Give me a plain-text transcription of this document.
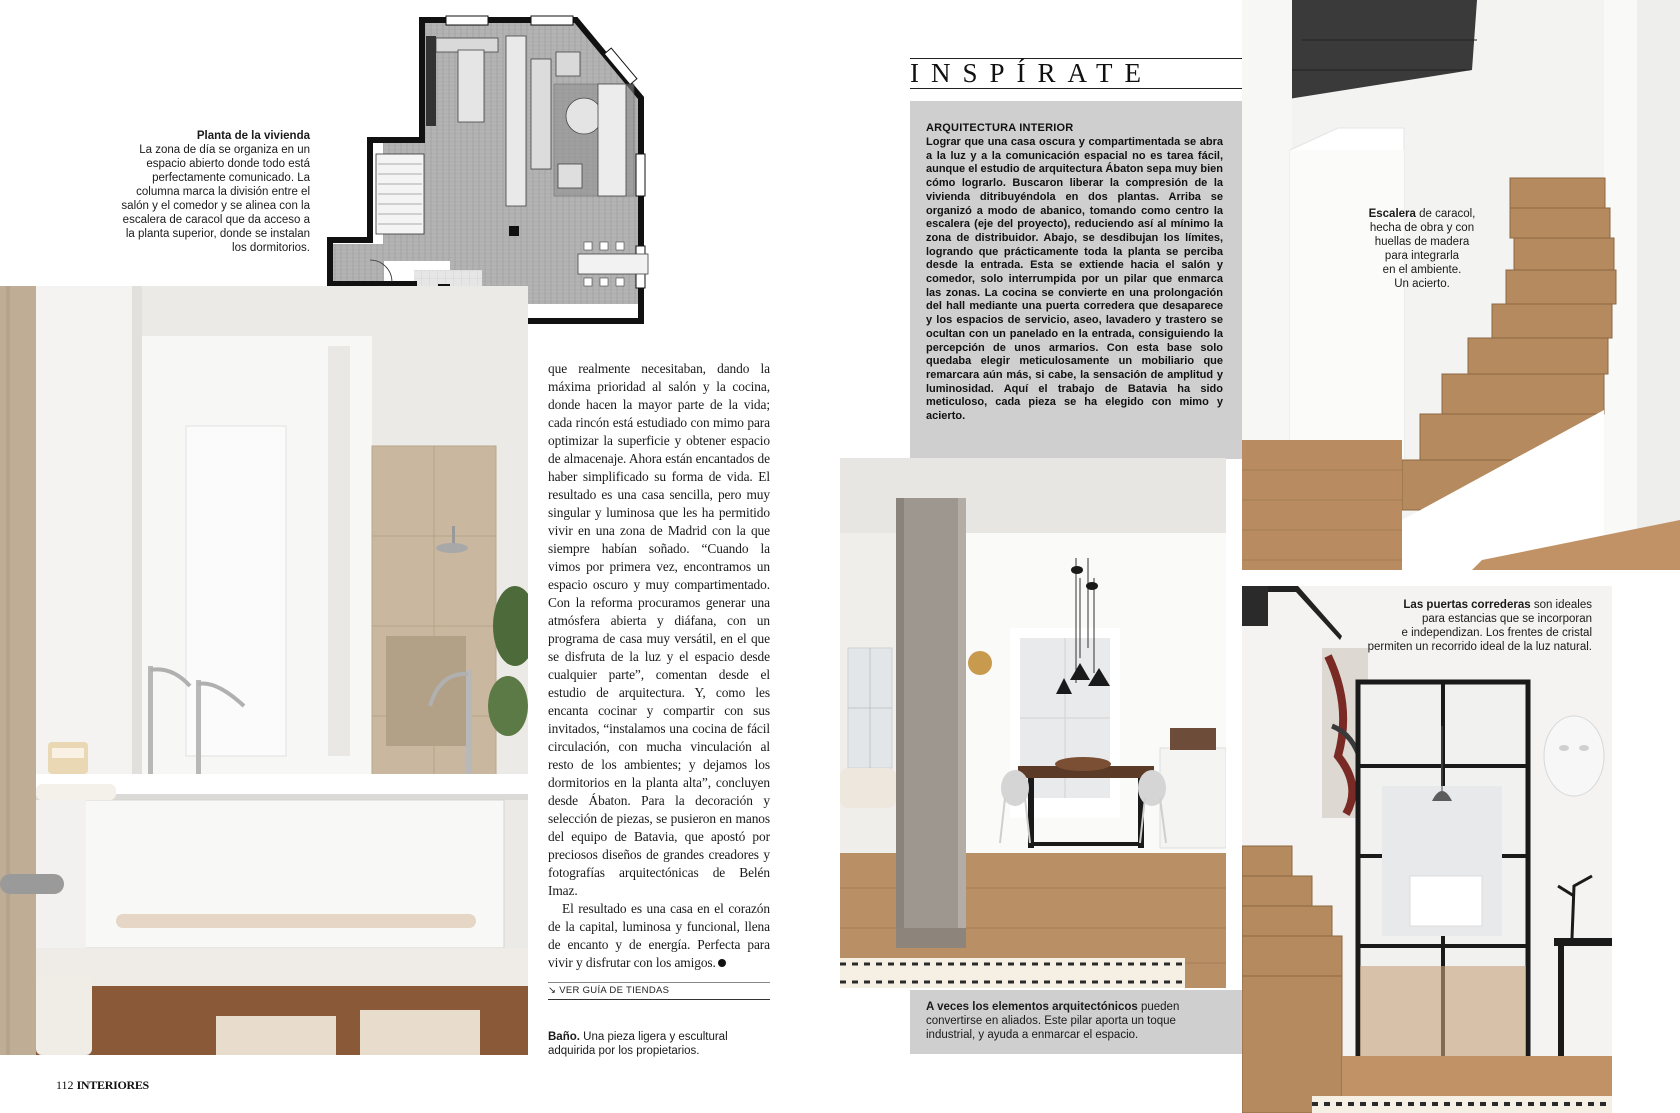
Planta de la vivienda
La zona de día se organiza en un espacio abierto donde todo está perfectamente comunicado. La columna marca la división entre el salón y el comedor y se alinea con la escalera de caracol que da acceso a la planta superior, donde se instalan los dormitorios.

que realmente necesitaban, dando la máxima prioridad al salón y la cocina, donde hacen la mayor parte de la vida; cada rincón está estudiado con mimo para optimizar la superficie y obtener espacio de almacenaje. Ahora están encantados de haber simplificado su forma de vida. El resultado es una casa sencilla, pero muy singular y luminosa que les ha permitido vivir en una zona de Madrid con la que siempre habían soñado. “Cuando la vimos por primera vez, encontramos un espacio oscuro y muy compartimentado. Con la reforma procuramos generar una atmósfera abierta y diáfana, con un programa de casa muy versátil, en el que se disfruta de la luz y el espacio desde cualquier parte”, comentan desde el estudio de arquitectura. Y, como les encanta cocinar y compartir con sus invitados, “instalamos una cocina de fácil circulación, con mucha vinculación al resto de los ambientes; y dejamos los dormitorios en la planta alta”, concluyen desde Ábaton. Para la decoración y selección de piezas, se pusieron en manos del equipo de Batavia, que apostó por preciosos diseños de grandes creadores y fotografías arquitectónicas de Belén Imaz.

El resultado es una casa en el corazón de la capital, luminosa y funcional, llena de encanto y de energía. Perfecta para vivir y disfrutar con los amigos.

↘ VER GUÍA DE TIENDAS
Baño. Una pieza ligera y escultural adquirida por los propietarios.
112 INTERIORES
INSPÍRATE
ARQUITECTURA INTERIOR
Lograr que una casa oscura y compartimentada se abra a la luz y a la comunicación espacial no es tarea fácil, aunque el estudio de arquitectura Ábaton sepa muy bien cómo lograrlo. Buscaron liberar la compresión de la vivienda ditribuyéndola en dos plantas. Arriba se organizó a modo de abanico, tomando como centro la escalera (eje del proyecto), reduciendo así al mínimo la zona de distribuidor. Abajo, se desdibujan los límites, logrando que prácticamente toda la planta se perciba desde la entrada. Esta se extiende hacia el salón y comedor, solo interrumpida por un pilar que enmarca las zonas. La cocina se convierte en una prolongación del hall mediante una puerta corredera que desaparece y los espacios de servicio, aseo, lavadero y trastero se ocultan con un panelado en la entrada, consiguiendo la percepción de unos armarios. Con esta base solo quedaba elegir meticulosamente un mobiliario que remarcara aún más, si cabe, la sensación de amplitud y luminosidad. Aquí el trabajo de Batavia ha sido meticuloso, cada pieza se ha elegido con mimo y acierto.
A veces los elementos arquitectónicos pueden convertirse en aliados. Este pilar aporta un toque industrial, y ayuda a enmarcar el espacio.
Escalera de caracol,
hecha de obra y con
huellas de madera
para integrarla
en el ambiente.
Un acierto.
Las puertas correderas son ideales
para estancias que se incorporan
e independizan. Los frentes de cristal
permiten un recorrido ideal de la luz natural.
